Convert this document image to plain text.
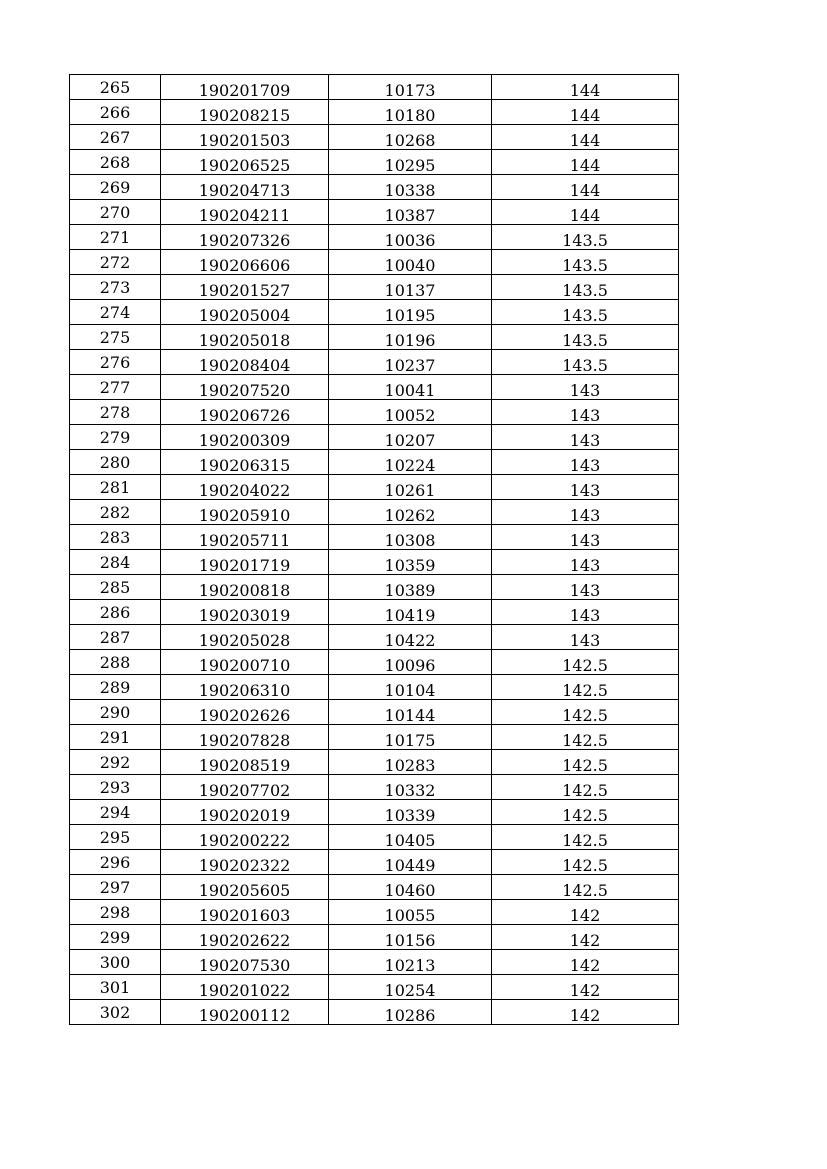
265	190201709	10173	144
266	190208215	10180	144
267	190201503	10268	144
268	190206525	10295	144
269	190204713	10338	144
270	190204211	10387	144
271	190207326	10036	143.5
272	190206606	10040	143.5
273	190201527	10137	143.5
274	190205004	10195	143.5
275	190205018	10196	143.5
276	190208404	10237	143.5
277	190207520	10041	143
278	190206726	10052	143
279	190200309	10207	143
280	190206315	10224	143
281	190204022	10261	143
282	190205910	10262	143
283	190205711	10308	143
284	190201719	10359	143
285	190200818	10389	143
286	190203019	10419	143
287	190205028	10422	143
288	190200710	10096	142.5
289	190206310	10104	142.5
290	190202626	10144	142.5
291	190207828	10175	142.5
292	190208519	10283	142.5
293	190207702	10332	142.5
294	190202019	10339	142.5
295	190200222	10405	142.5
296	190202322	10449	142.5
297	190205605	10460	142.5
298	190201603	10055	142
299	190202622	10156	142
300	190207530	10213	142
301	190201022	10254	142
302	190200112	10286	142
